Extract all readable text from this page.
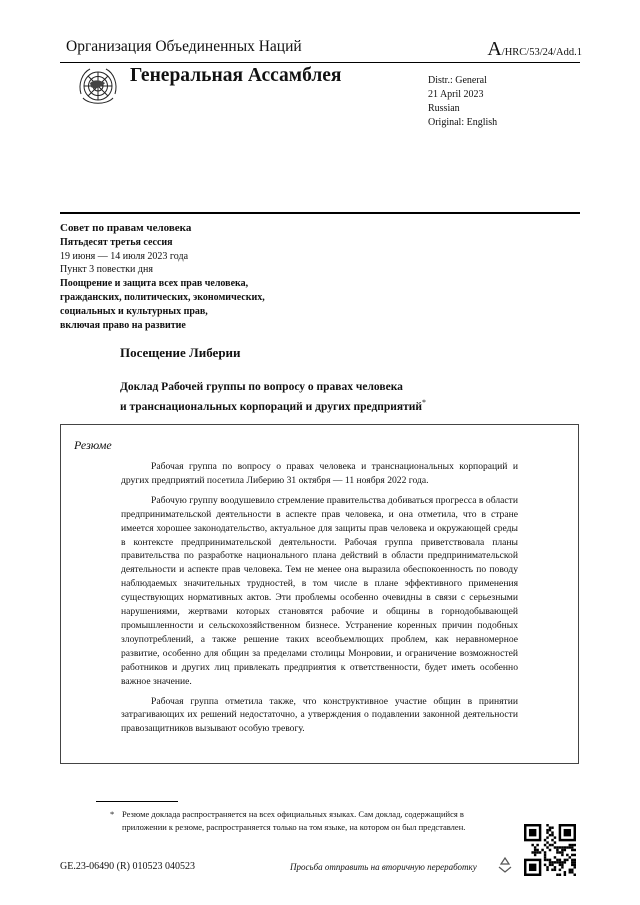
Организация Объединенных Наций	A/HRC/53/24/Add.1
Генеральная Ассамблея	Distr.: General
21 April 2023
Russian
Original: English
Совет по правам человека
Пятьдесят третья сессия
19 июня — 14 июля 2023 года
Пункт 3 повестки дня
Поощрение и защита всех прав человека,
гражданских, политических, экономических,
социальных и культурных прав,
включая право на развитие
Посещение Либерии
Доклад Рабочей группы по вопросу о правах человека
и транснациональных корпораций и других предприятий*
Резюме

Рабочая группа по вопросу о правах человека и транснациональных корпораций и других предприятий посетила Либерию 31 октября — 11 ноября 2022 года.

Рабочую группу воодушевило стремление правительства добиваться прогресса в области предпринимательской деятельности в аспекте прав человека, и она отметила, что в стране имеется хорошее законодательство, актуальное для защиты прав человека и окружающей среды в контексте предпринимательской деятельности. Рабочая группа приветствовала планы правительства по разработке национального плана действий в области предпринимательской деятельности и аспекте прав человека. Тем не менее она выразила обеспокоенность по поводу наблюдаемых значительных трудностей, в том числе в плане эффективного применения существующих нормативных актов. Эти проблемы особенно очевидны в связи с серьезными нарушениями, жертвами которых становятся рабочие и общины в горнодобывающей промышленности и сельскохозяйственном бизнесе. Устранение коренных причин подобных злоупотреблений, а также решение таких всеобъемлющих проблем, как неравномерное развитие, особенно для общин за пределами столицы Монровии, и ограничение возможностей работников и других лиц привлекать предприятия к ответственности, будет иметь особенно важное значение.

Рабочая группа отметила также, что конструктивное участие общин в принятии затрагивающих их решений недостаточно, а утверждения о подавлении законной деятельности правозащитников вызывают особую тревогу.

* Резюме доклада распространяется на всех официальных языках. Сам доклад, содержащийся в приложении к резюме, распространяется только на том языке, на котором он был представлен.
GE.23-06490 (R) 010523 040523	Просьба отправить на вторичную переработку
